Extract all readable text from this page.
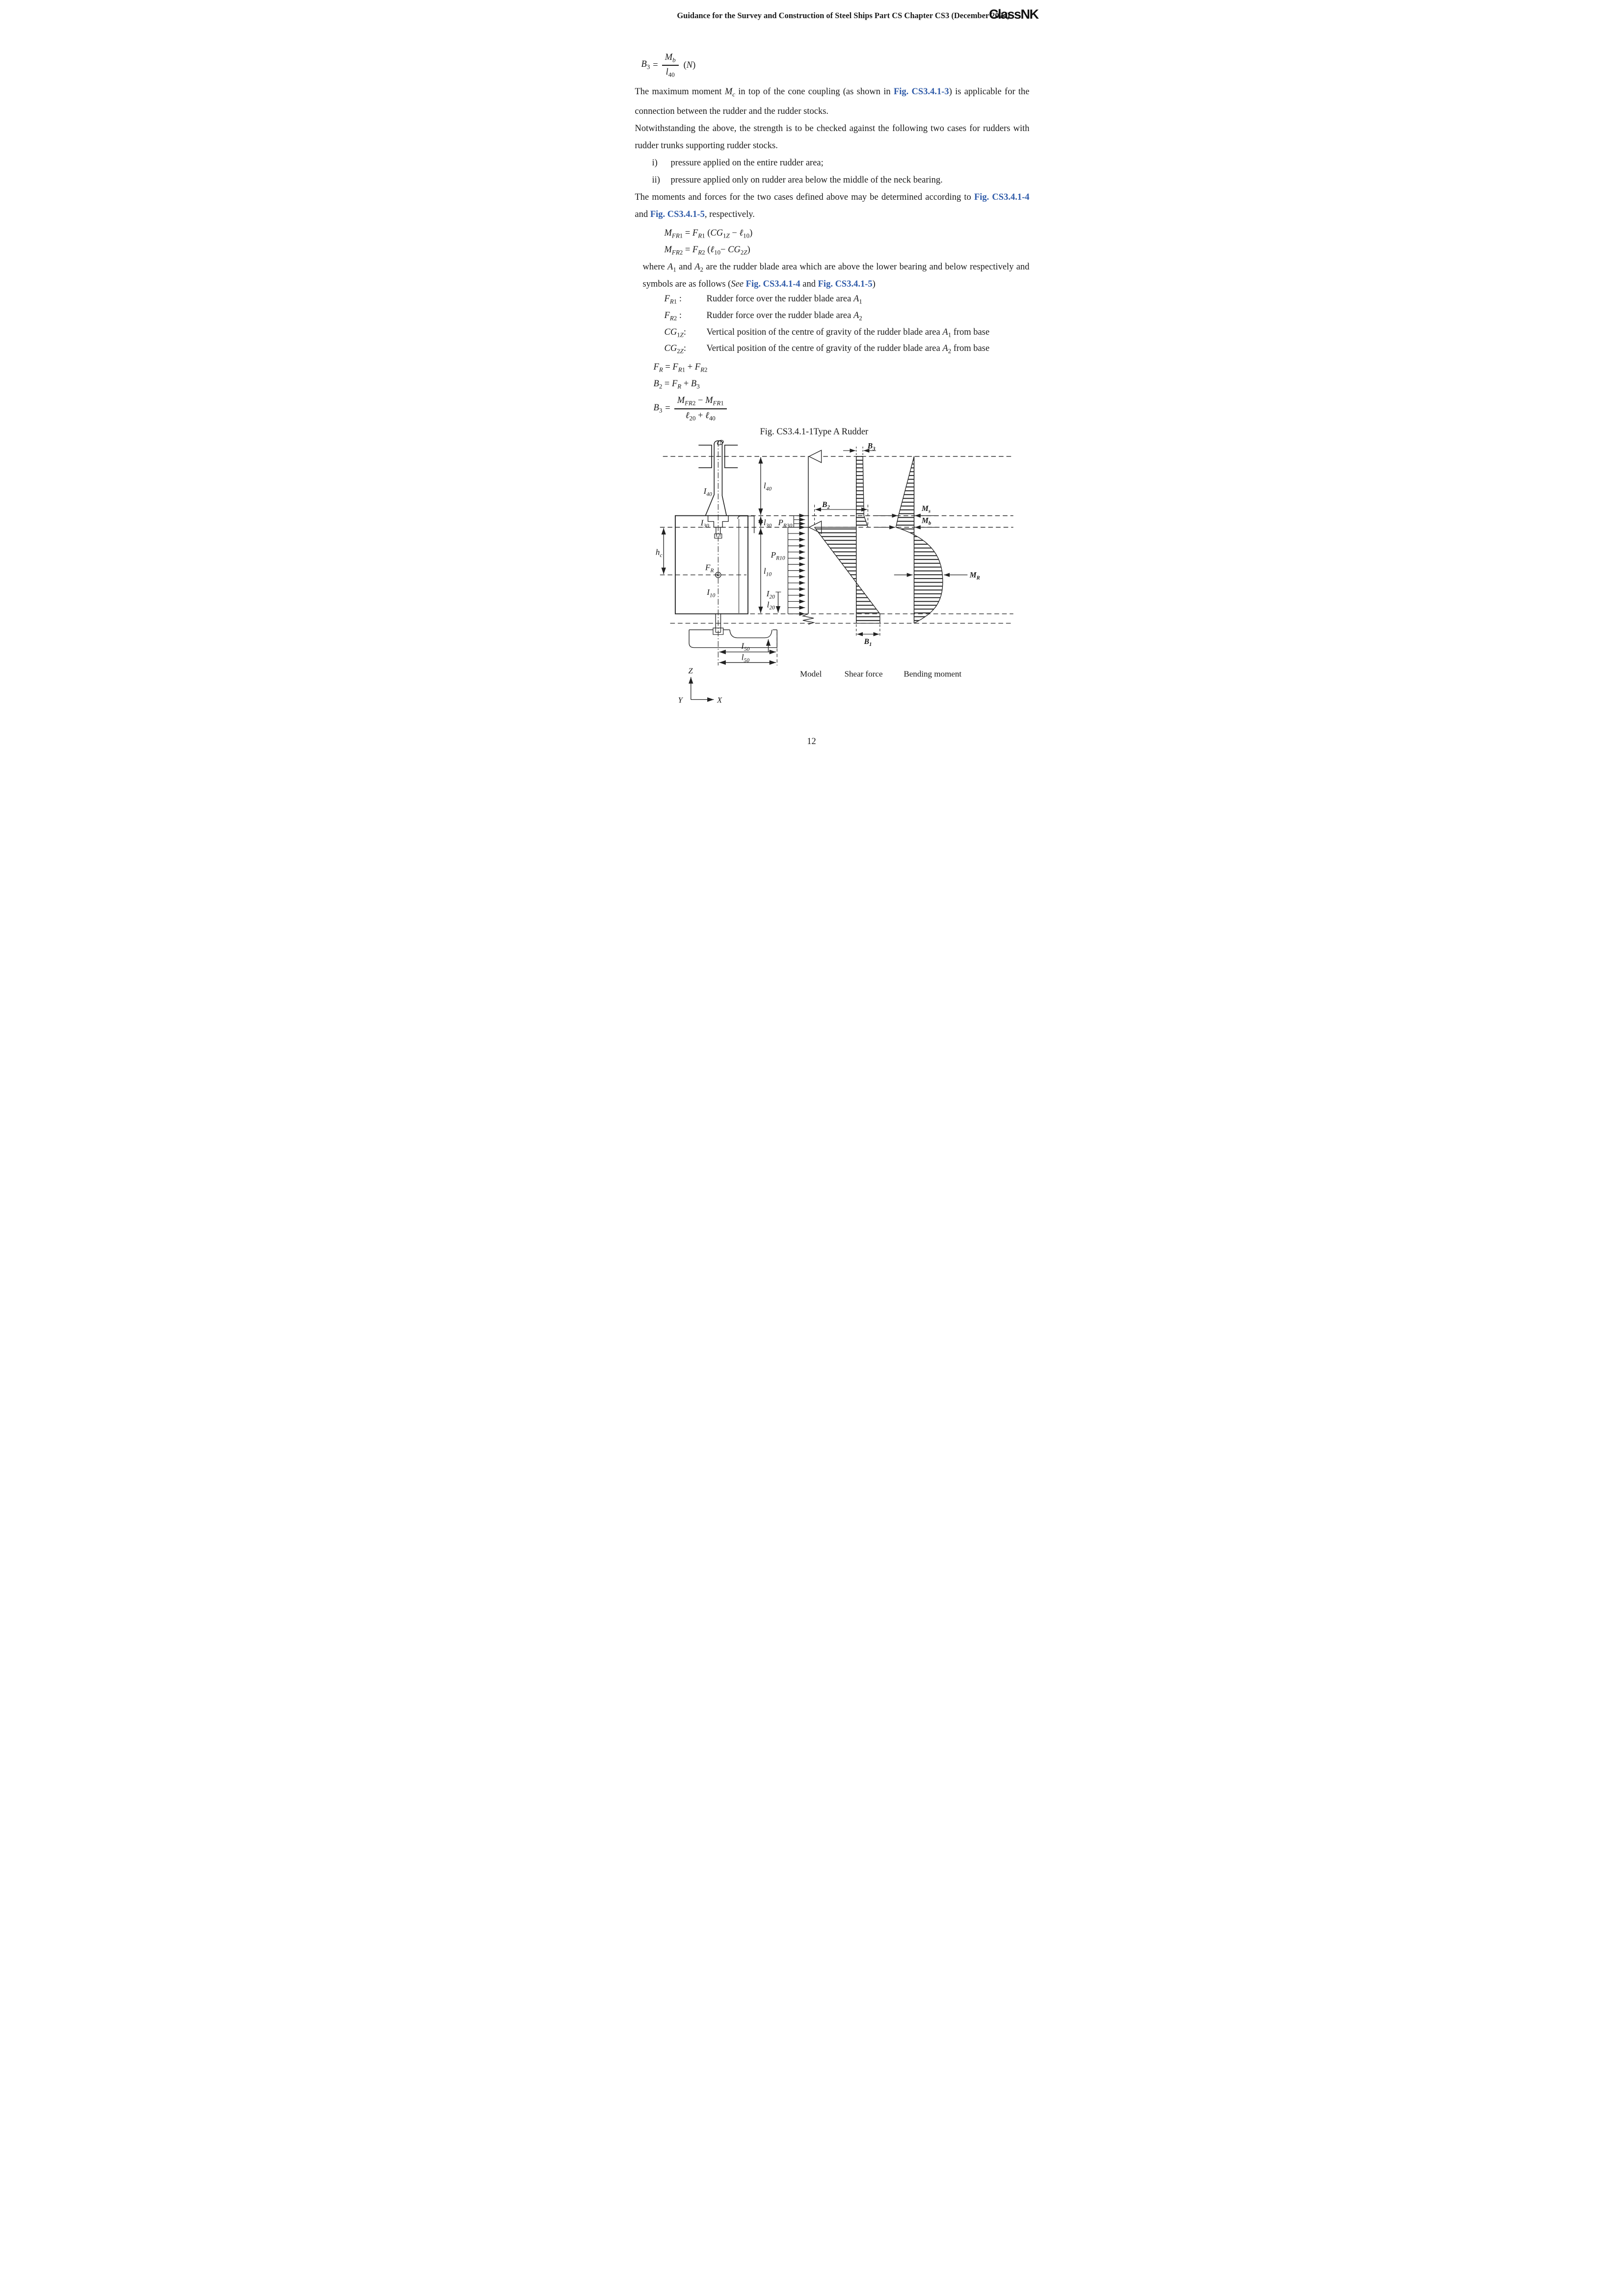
Guidance for the Survey and Construction of Steel Ships Part CS Chapter CS3 (December 2024)
ClassNK
$B_3 = \frac{M_b}{l_{40}} (N)$
The maximum moment $M_c$ in top of the cone coupling (as shown in Fig. CS3.4.1-3) is applicable for the connection between the rudder and the rudder stocks.
Notwithstanding the above, the strength is to be checked against the following two cases for rudders with rudder trunks supporting rudder stocks.
i) pressure applied on the entire rudder area;
ii) pressure applied only on rudder area below the middle of the neck bearing.
The moments and forces for the two cases defined above may be determined according to Fig. CS3.4.1-4 and Fig. CS3.4.1-5, respectively.
$M_{FR1} = F_{R1}$ ($CG_{1Z}$ − ℓ$_{10}$)
$M_{FR2} = F_{R2}$ (ℓ$_{10}$− $CG_{2Z}$)
where $A_1$ and $A_2$ are the rudder blade area which are above the lower bearing and below respectively and symbols are as follows (See Fig. CS3.4.1-4 and Fig. CS3.4.1-5)
$F_{R1}$ :	Rudder force over the rudder blade area $A_1$
$F_{R2}$ :	Rudder force over the rudder blade area $A_2$
$CG_{1Z}$:	Vertical position of the centre of gravity of the rudder blade area $A_1$ from base
$CG_{2Z}$:	Vertical position of the centre of gravity of the rudder blade area $A_2$ from base
$F_R = F_{R1} + F_{R2}$
$B_2 = F_R + B_3$
$B_3 = \frac{M_{FR2} - M_{FR1}}{\ell_{20} + \ell_{40}}$
Fig. CS3.4.1-1Type A Rudder
$I_{40}$
$l_{40}$
$I_{30}$	$l_{30}$ $P_{R30}$
$h_c$
$F_R$
$P_{R10}$
$l_{10}$
$I_{10}$	$I_{20}$
$l_{20}$
$I_{50}$
$l_{50}$
$B_3$
$B_2$
$B_1$
$M_s$
$M_b$
$M_R$
Model Shear force Bending moment
Z
Y	X
12
